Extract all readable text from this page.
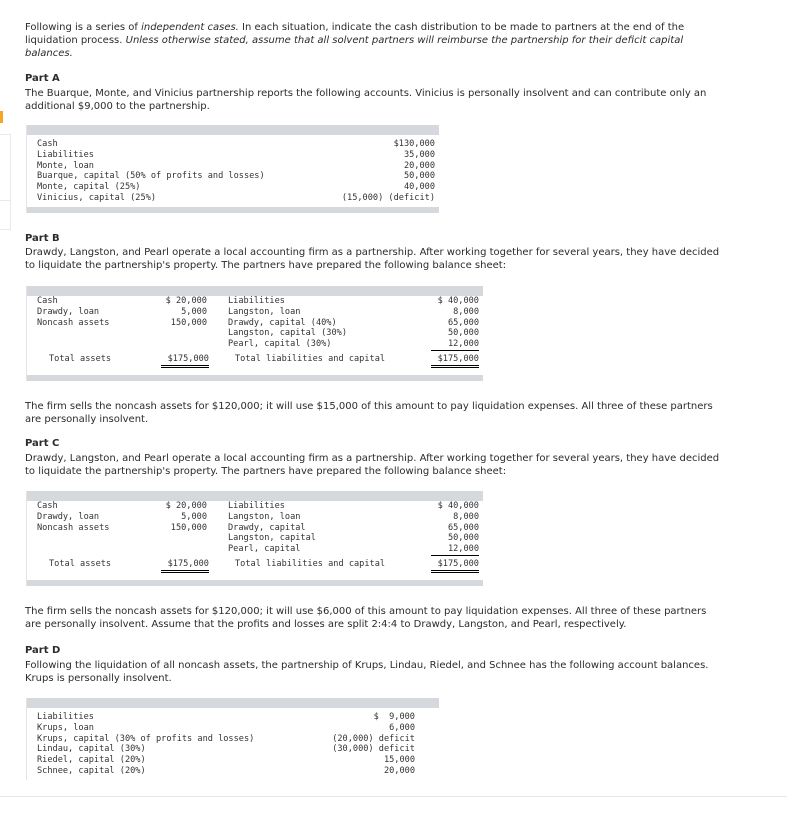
Following is a series of independent cases. In each situation, indicate the cash distribution to be made to partners at the end of the liquidation process. Unless otherwise stated, assume that all solvent partners will reimburse the partnership for their deficit capital balances.

Part A

The Buarque, Monte, and Vinicius partnership reports the following accounts. Vinicius is personally insolvent and can contribute only an additional $9,000 to the partnership.

Cash	$130,000
Liabilities	35,000
Monte, loan	20,000
Buarque, capital (50% of profits and losses)	50,000
Monte, capital (25%)	40,000
Vinicius, capital (25%)	(15,000) (deficit)

Part B

Drawdy, Langston, and Pearl operate a local accounting firm as a partnership. After working together for several years, they have decided to liquidate the partnership's property. The partners have prepared the following balance sheet:

Cash	$ 20,000
Drawdy, loan	5,000
Noncash assets	150,000
Liabilities	$ 40,000
Langston, loan	8,000
Drawdy, capital (40%)	65,000
Langston, capital (30%)	50,000
Pearl, capital (30%)	12,000
Total assets	$175,000	Total liabilities and capital	$175,000

The firm sells the noncash assets for $120,000; it will use $15,000 of this amount to pay liquidation expenses. All three of these partners are personally insolvent.

Part C

Drawdy, Langston, and Pearl operate a local accounting firm as a partnership. After working together for several years, they have decided to liquidate the partnership's property. The partners have prepared the following balance sheet:

Cash	$ 20,000
Drawdy, loan	5,000
Noncash assets	150,000
Liabilities	$ 40,000
Langston, loan	8,000
Drawdy, capital	65,000
Langston, capital	50,000
Pearl, capital	12,000
Total assets	$175,000	Total liabilities and capital	$175,000

The firm sells the noncash assets for $120,000; it will use $6,000 of this amount to pay liquidation expenses. All three of these partners are personally insolvent. Assume that the profits and losses are split 2:4:4 to Drawdy, Langston, and Pearl, respectively.

Part D

Following the liquidation of all noncash assets, the partnership of Krups, Lindau, Riedel, and Schnee has the following account balances. Krups is personally insolvent.

Liabilities	$  9,000
Krups, loan	6,000
Krups, capital (30% of profits and losses)	(20,000) deficit
Lindau, capital (30%)	(30,000) deficit
Riedel, capital (20%)	15,000
Schnee, capital (20%)	20,000
